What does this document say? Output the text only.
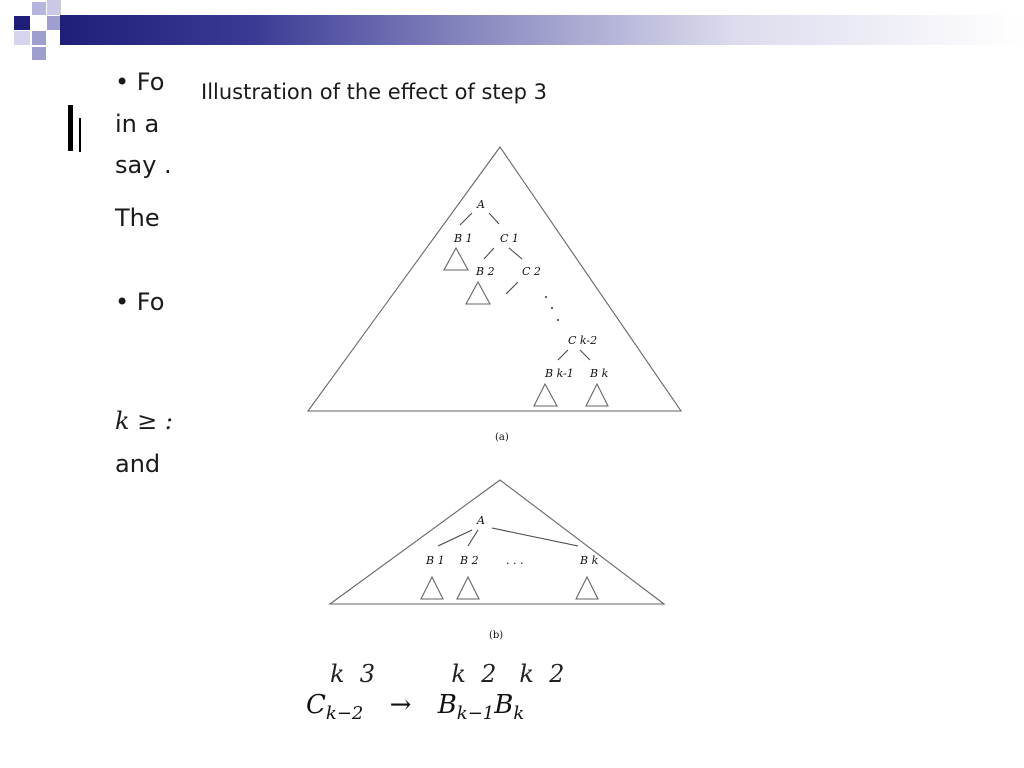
• Fo
in a
say .
The
• Fo
k ≥ :
and
Illustration of the effect of step 3
A
B 1 C 1
B 2 C 2
C k-2
B k-1 B k
(a)
A
B 1 B 2 . . .	B k
(b)
k  3          k  2   k  2
$C_{k-2} \to B_{k-1}B_k$
